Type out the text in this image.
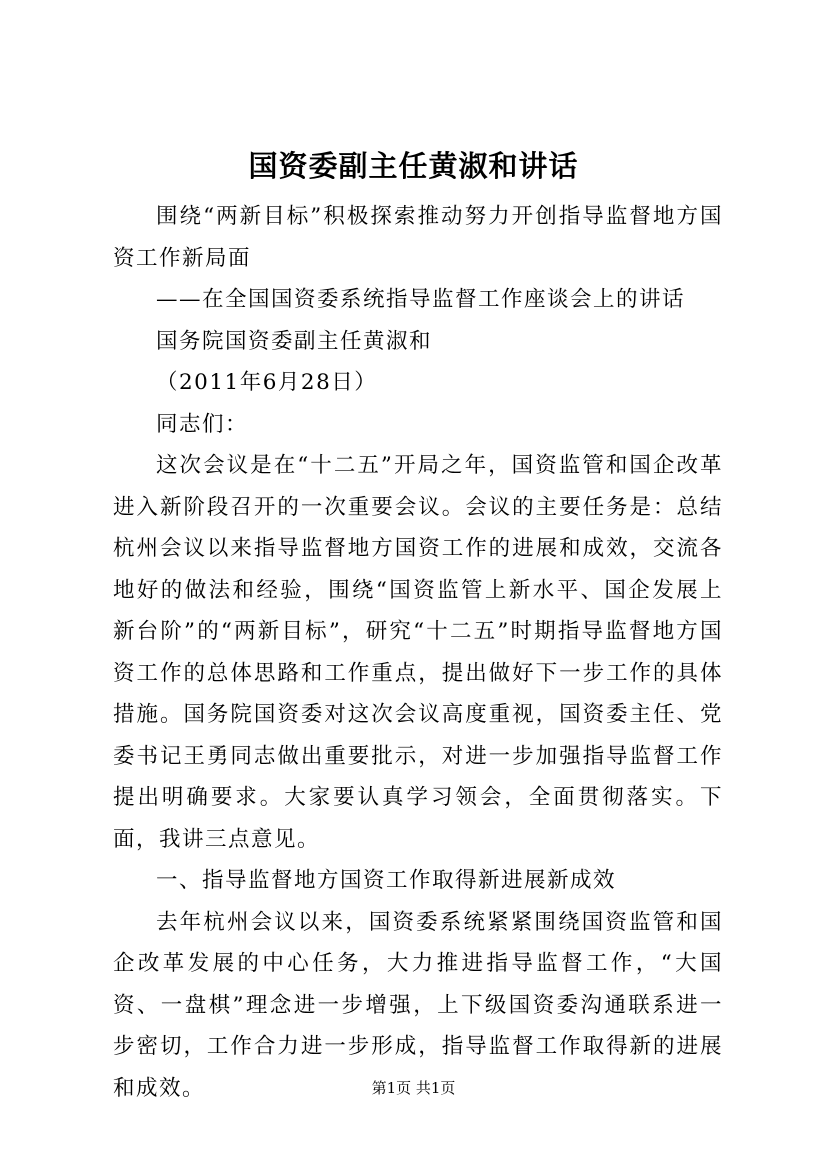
国资委副主任黄淑和讲话

围绕“两新目标”积极探索推动努力开创指导监督地方国资工作新局面

——在全国国资委系统指导监督工作座谈会上的讲话

国务院国资委副主任黄淑和

（2011年6月28日）

同志们：

这次会议是在“十二五”开局之年，国资监管和国企改革进入新阶段召开的一次重要会议。会议的主要任务是：总结杭州会议以来指导监督地方国资工作的进展和成效，交流各地好的做法和经验，围绕“国资监管上新水平、国企发展上新台阶”的“两新目标”，研究“十二五”时期指导监督地方国资工作的总体思路和工作重点，提出做好下一步工作的具体措施。国务院国资委对这次会议高度重视，国资委主任、党委书记王勇同志做出重要批示，对进一步加强指导监督工作提出明确要求。大家要认真学习领会，全面贯彻落实。下面，我讲三点意见。

一、指导监督地方国资工作取得新进展新成效

去年杭州会议以来，国资委系统紧紧围绕国资监管和国企改革发展的中心任务，大力推进指导监督工作，“大国资、一盘棋”理念进一步增强，上下级国资委沟通联系进一步密切，工作合力进一步形成，指导监督工作取得新的进展和成效。	第1页 共1页
